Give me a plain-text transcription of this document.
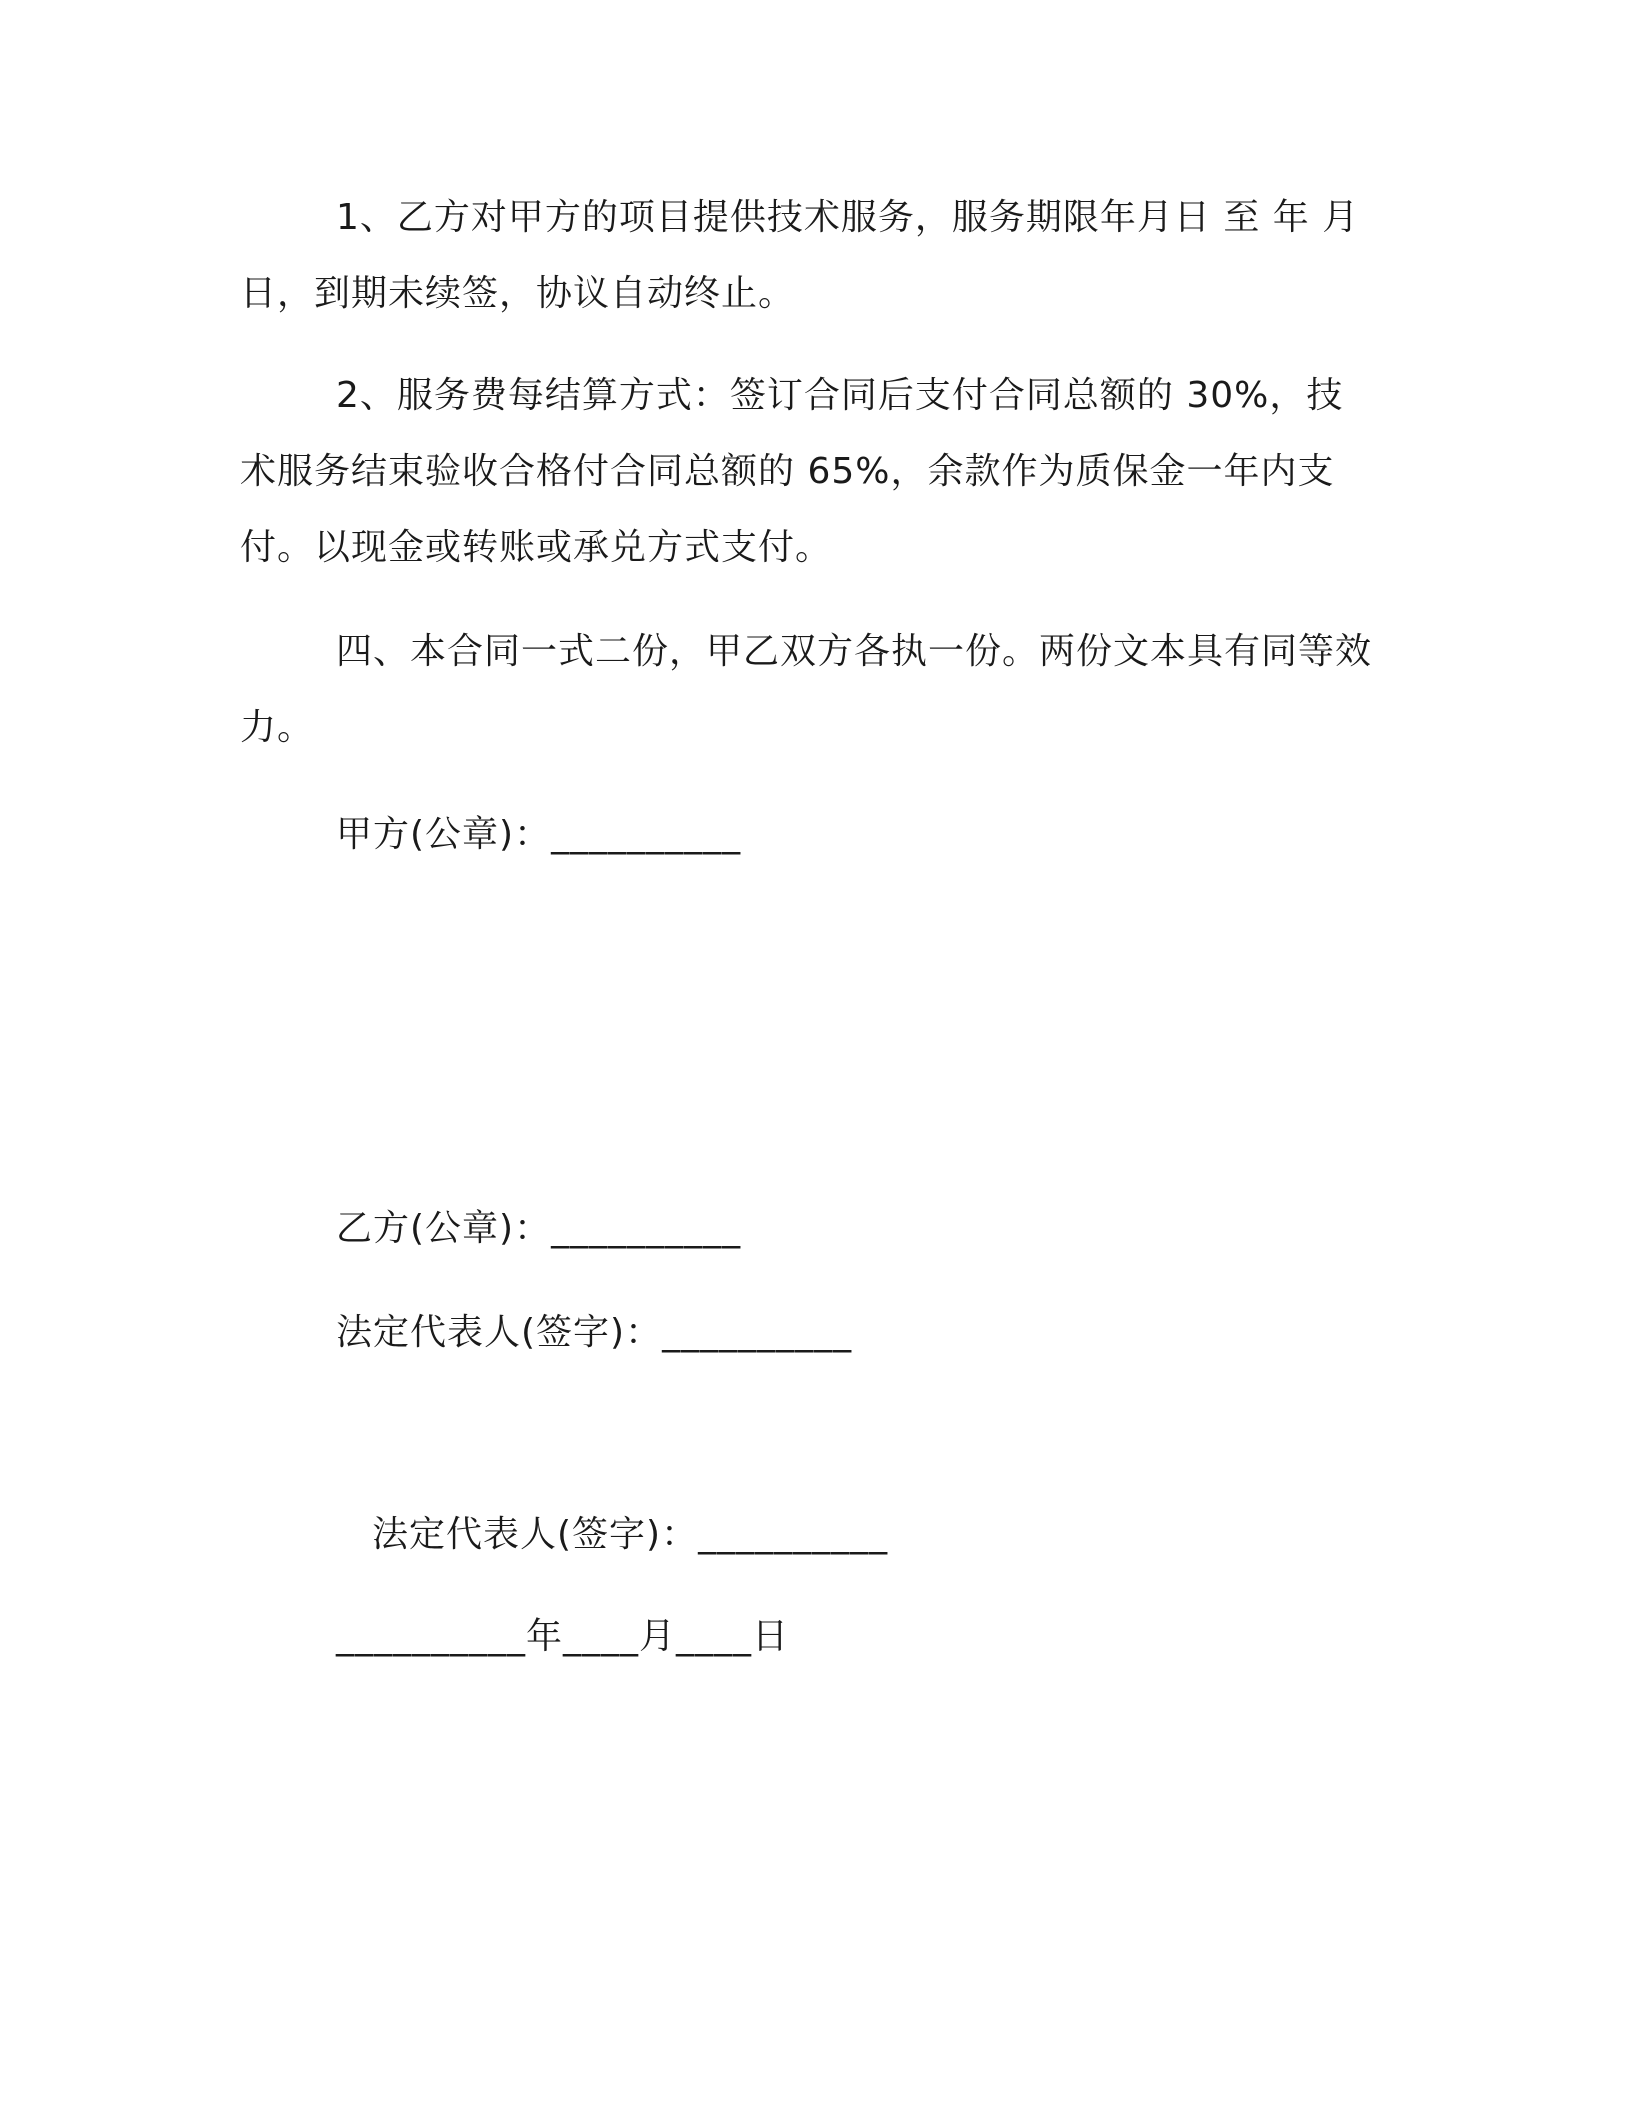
1、乙方对甲方的项目提供技术服务，服务期限年月日 至 年 月日，到期未续签，协议自动终止。

2、服务费每结算方式：签订合同后支付合同总额的 30%，技术服务结束验收合格付合同总额的 65%，余款作为质保金一年内支付。以现金或转账或承兑方式支付。

四、本合同一式二份，甲乙双方各执一份。两份文本具有同等效力。

甲方(公章)：__________

乙方(公章)：__________

法定代表人(签字)：__________

法定代表人(签字)：__________

__________年____月____日
